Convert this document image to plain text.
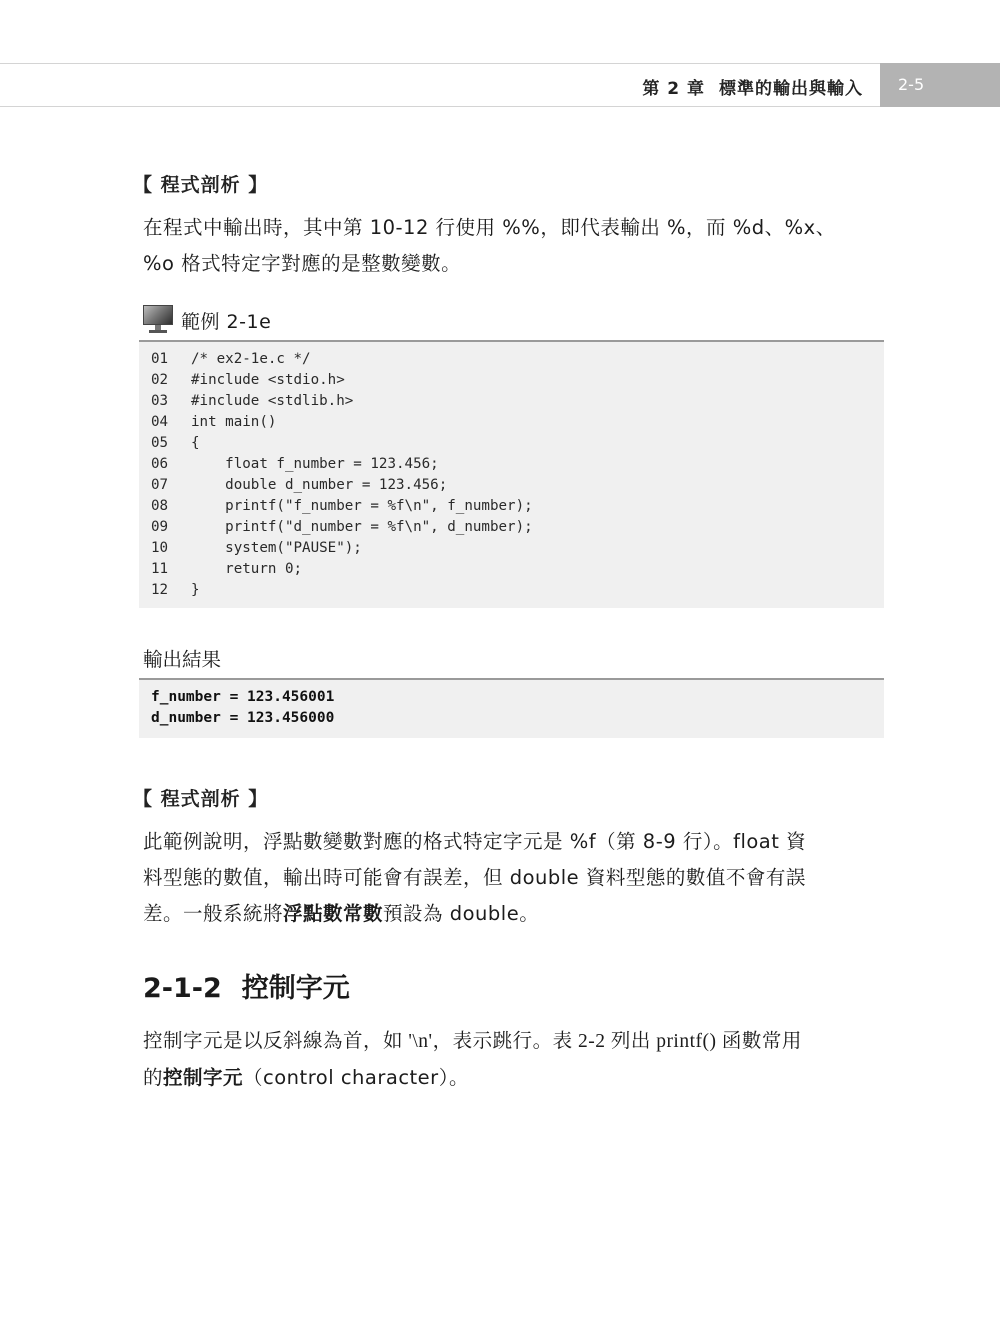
第 2 章 標準的輸出與輸入	2-5
【 程式剖析 】
在程式中輸出時，其中第 10-12 行使用 %%，即代表輸出 %，而 %d、%x、
%o 格式特定字對應的是整數變數。
範例 2-1e
01 /* ex2-1e.c */
02 #include <stdio.h>
03 #include <stdlib.h>
04 int main()
05 {
06    float f_number = 123.456;
07    double d_number = 123.456;
08    printf("f_number = %f\n", f_number);
09    printf("d_number = %f\n", d_number);
10    system("PAUSE");
11    return 0;
12 }
輸出結果
f_number = 123.456001
d_number = 123.456000
【 程式剖析 】
此範例說明，浮點數變數對應的格式特定字元是 %f（第 8-9 行）。float 資
料型態的數值，輸出時可能會有誤差，但 double 資料型態的數值不會有誤
差。一般系統將浮點數常數預設為 double。
2-1-2 控制字元
控制字元是以反斜線為首，如 '\n'，表示跳行。表 2-2 列出 printf() 函數常用
的控制字元（control character）。
